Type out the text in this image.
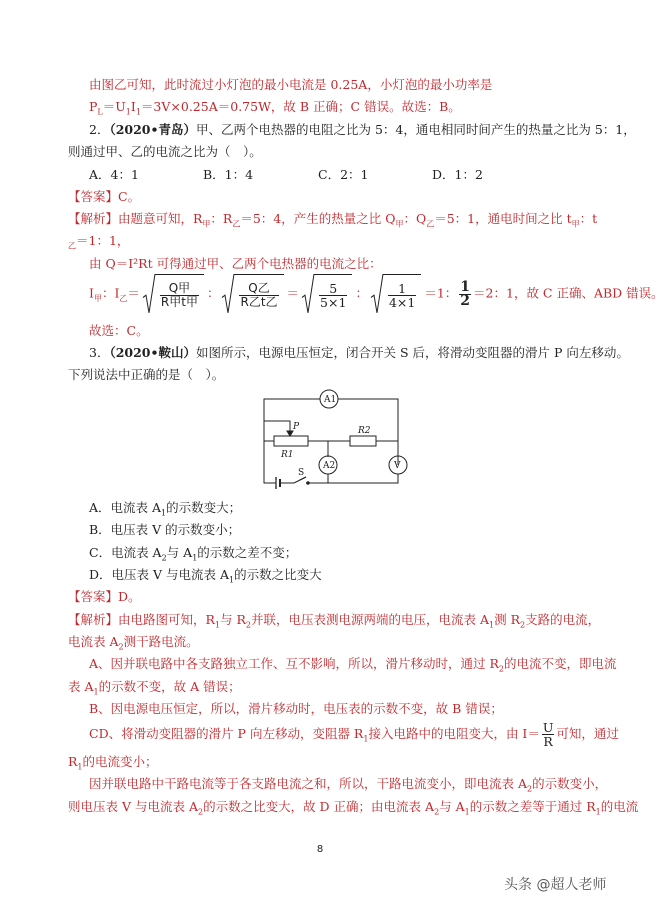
由图乙可知，此时流过小灯泡的最小电流是 0.25A，小灯泡的最小功率是
$P_L=U_1I_1=3V\times 0.25A=0.75W$，故 B 正确；C 错误。故选：B。
2．（2020•青岛）甲、乙两个电热器的电阻之比为 5：4，通电相同时间产生的热量之比为 5：1，
则通过甲、乙的电流之比为（　）。
A．4：1	B．1：4	C．2：1	D．1：2
【答案】C。
【解析】由题意可知，$R_甲$：$R_乙=5$：4，产生的热量之比 $Q_甲$：$Q_乙=5$：1，通电时间之比 $t_甲$：t
$_乙$＝1：1，
由 Q＝I²Rt 可得通过甲、乙两个电热器的电流之比：
$I_甲$：$I_乙= \frac{\text{Q甲}}{\text{R甲t甲}}$ ： $\frac{\text{Q乙}}{\text{R乙t乙}} = \frac{5}{5\times 1}$ ： $\frac{1}{4\times 1} =1$： $\frac{1}{2} =2$：1，故 C 正确、ABD 错误。
故选：C。
3．（2020•鞍山）如图所示，电源电压恒定，闭合开关 S 后，将滑动变阻器的滑片 P 向左移动。
下列说法中正确的是（　）。
A1
A2	V
P
R1
R2
S
A．电流表 $A_1$的示数变大；
B．电压表 V 的示数变小；
C．电流表 $A_2$与 $A_1$的示数之差不变；
D．电压表 V 与电流表 $A_1$的示数之比变大
【答案】D。
【解析】由电路图可知，$R_1$与 $R_2$并联，电压表测电源两端的电压，电流表 $A_1$测 $R_2$支路的电流，
电流表 $A_2$测干路电流。
A、因并联电路中各支路独立工作、互不影响，所以，滑片移动时，通过 $R_2$的电流不变，即电流
表 $A_1$的示数不变，故 A 错误；
B、因电源电压恒定，所以，滑片移动时，电压表的示数不变，故 B 错误；
CD、将滑动变阻器的滑片 P 向左移动，变阻器 $R_1$接入电路中的电阻变大，由 $I= \frac{U}{R}$ 可知，通过
$R_1$的电流变小；
因并联电路中干路电流等于各支路电流之和，所以，干路电流变小，即电流表 $A_2$的示数变小，
则电压表 V 与电流表 $A_2$的示数之比变大，故 D 正确；由电流表 $A_2$与 $A_1$的示数之差等于通过 $R_1$的电流
8
头条 @超人老师
